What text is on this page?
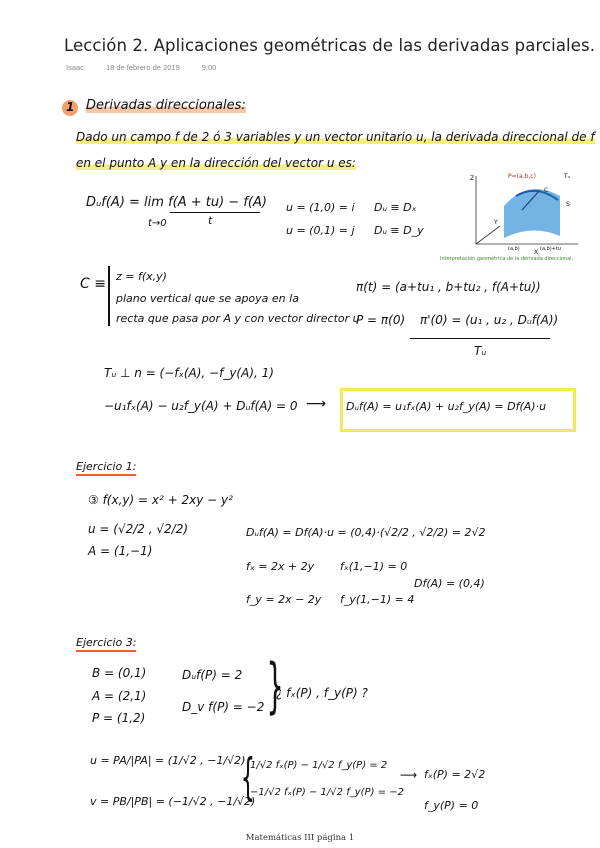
Lección 2. Aplicaciones geométricas de las derivadas parciales.
Isaac	18 de febrero de 2019	9:00
1 Derivadas direccionales:
Dado un campo f de 2 ó 3 variables y un vector unitario u, la derivada direccional de f
en el punto A y en la dirección del vector u es:
Dᵤf(A) = lim f(A + tu) − f(A)
t
t→0
u = (1,0) = i
u = (0,1) = j
Dᵤ ≡ Dₓ
Dᵤ ≡ D_y
P=(a,b,c)	Tᵤ
S
C
Z
Y
X
(a,b)	(a,b)+tu
Interpretación geométrica de la derivada direccional.
C ≡ z = f(x,y)
plano vertical que se apoya en la
recta que pasa por A y con vector director u
π(t) = (a+tu₁ , b+tu₂ , f(A+tu))
P = π(0) π'(0) = (u₁ , u₂ , Dᵤf(A))
Tᵤ
Tᵤ ⊥ n = (−fₓ(A), −f_y(A), 1)
−u₁fₓ(A) − u₂f_y(A) + Dᵤf(A) = 0 ⟶ Dᵤf(A) = u₁fₓ(A) + u₂f_y(A) = Df(A)·u
Ejercicio 1:
③ f(x,y) = x² + 2xy − y²
u = (√2/2 , √2/2)
A = (1,−1)
Dᵤf(A) = Df(A)·u = (0,4)·(√2/2 , √2/2) = 2√2
fₓ = 2x + 2y fₓ(1,−1) = 0
f_y = 2x − 2y f_y(1,−1) = 4
Df(A) = (0,4)
Ejercicio 3:
B = (0,1)
A = (2,1)
P = (1,2)
Dᵤf(P) = 2
D_v f(P) = −2 }
¿ fₓ(P) , f_y(P) ?
u = PA/|PA| = (1/√2 , −1/√2)
v = PB/|PB| = (−1/√2 , −1/√2)
{
1/√2 fₓ(P) − 1/√2 f_y(P) = 2
−1/√2 fₓ(P) − 1/√2 f_y(P) = −2
⟶ fₓ(P) = 2√2
f_y(P) = 0
Matemáticas III página 1
